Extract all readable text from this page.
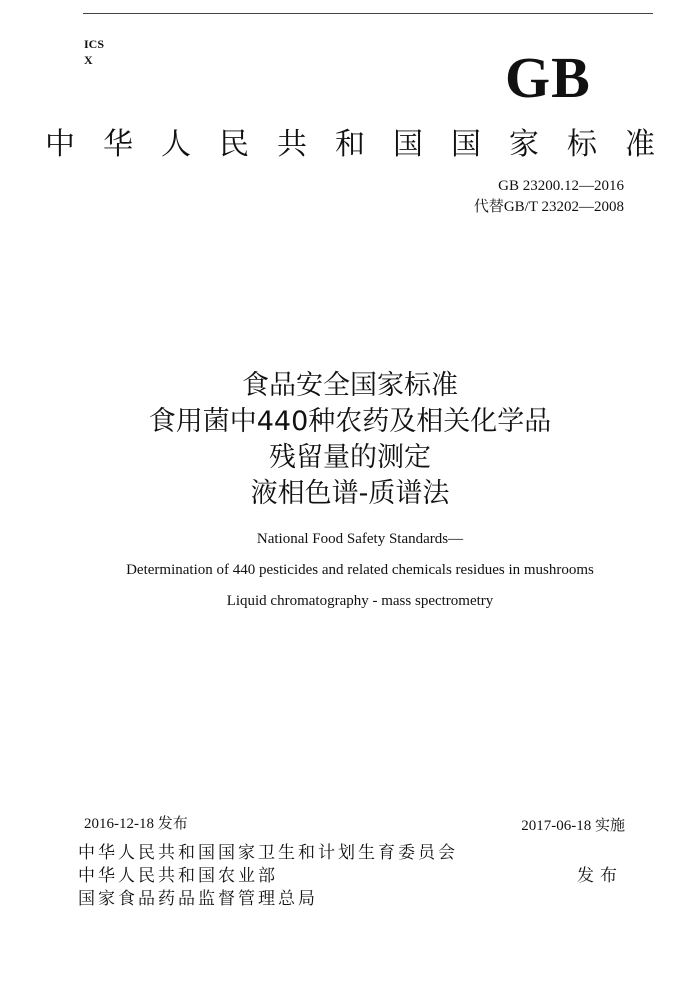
ICS
X	GB
中华人民共和国国家标准
GB 23200.12—2016
代替GB/T 23202—2008
食品安全国家标准
食用菌中440种农药及相关化学品
残留量的测定
液相色谱-质谱法
National Food Safety Standards—
Determination of 440 pesticides and related chemicals residues in mushrooms
Liquid chromatography - mass spectrometry
2016-12-18 发布	2017-06-18 实施
中华人民共和国国家卫生和计划生育委员会
中华人民共和国农业部	发布
国家食品药品监督管理总局
